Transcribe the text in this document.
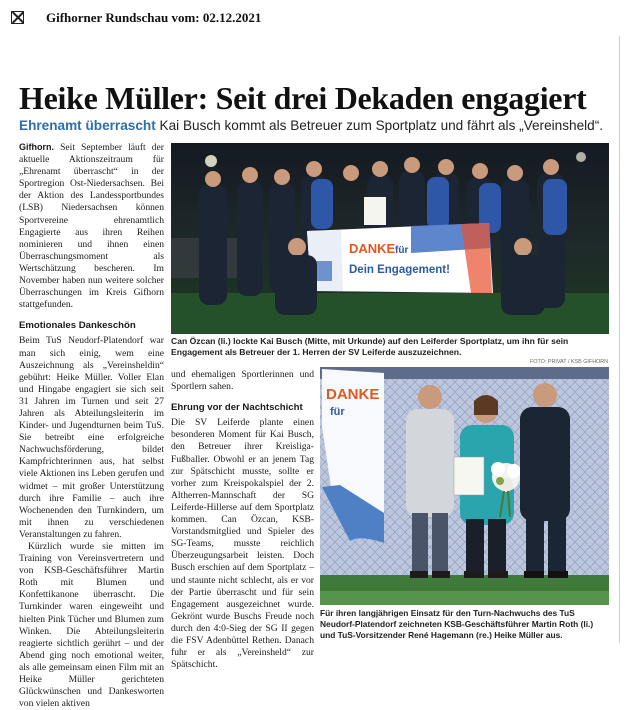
Gifhorner Rundschau vom: 02.12.2021
Heike Müller: Seit drei Dekaden engagiert
Ehrenamt überrascht Kai Busch kommt als Betreuer zum Sportplatz und fährt als „Vereinsheld“.

Gifhorn. Seit September läuft der aktuelle Aktionszeitraum für „Ehrenamt überrascht“ in der Sportregion Ost-Niedersachsen. Bei der Aktion des Landessportbundes (LSB) Niedersachsen können Sportvereine ehrenamtlich Engagierte aus ihren Reihen nominieren und ihnen einen Überraschungsmoment als Wertschätzung bescheren. Im November haben nun weitere solcher Überraschungen im Kreis Gifhorn stattgefunden.

Emotionales Dankeschön

Beim TuS Neudorf-Platendorf war man sich einig, wem eine Auszeichnung als „Vereinsheldin“ gebührt: Heike Müller. Voller Elan und Hingabe engagiert sie sich seit 31 Jahren im Turnen und seit 27 Jahren als Abteilungsleiterin im Kinder- und Jugendturnen beim TuS. Sie betreibt eine erfolgreiche Nachwuchsförderung, bildet Kampfrichterinnen aus, hat selbst viele Aktionen ins Leben gerufen und widmet – mit großer Unterstützung durch ihre Familie – auch ihre Wochenenden den Turnkindern, um mit ihnen zu verschiedenen Veranstaltungen zu fahren.

Kürzlich wurde sie mitten im Training von Vereinsvertretern und von KSB-Geschäftsführer Martin Roth mit Blumen und Konfettikanone überrascht. Die Turnkinder waren eingeweiht und hielten Pink Tücher und Blumen zum Winken. Die Abteilungsleiterin reagierte sichtlich gerührt – und der Abend ging noch emotional weiter, als alle gemeinsam einen Film mit an Heike Müller gerichteten Glückwünschen und Dankesworten von vielen aktiven

DANKE für
Dein Engagement!
Can Özcan (li.) lockte Kai Busch (Mitte, mit Urkunde) auf den Leiferder Sportplatz, um ihn für sein Engagement als Betreuer der 1. Herren der SV Leiferde auszuzeichnen.
FOTO: PRIVAT / KSB GIFHORN

und ehemaligen Sportlerinnen und Sportlern sahen.

Ehrung vor der Nachtschicht

Die SV Leiferde plante einen besonderen Moment für Kai Busch, den Betreuer ihrer Kreisliga-Fußballer. Obwohl er an jenem Tag zur Spätschicht musste, sollte er vorher zum Kreispokalspiel der 2. Altherren-Mannschaft der SG Leiferde-Hillerse auf dem Sportplatz kommen. Can Özcan, KSB-Vorstandsmitglied und Spieler des SG-Teams, musste reichlich Überzeugungsarbeit leisten. Doch Busch erschien auf dem Sportplatz – und staunte nicht schlecht, als er vor der Partie überrascht und für sein Engagement ausgezeichnet wurde. Gekrönt wurde Buschs Freude noch durch den 4:0-Sieg der SG II gegen die FSV Adenbüttel Rethen. Danach fuhr er als „Vereinsheld“ zur Spätschicht.

DANKE
für
Für ihren langjährigen Einsatz für den Turn-Nachwuchs des TuS Neudorf-Platendorf zeichneten KSB-Geschäftsführer Martin Roth (li.) und TuS-Vorsitzender René Hagemann (re.) Heike Müller aus.
